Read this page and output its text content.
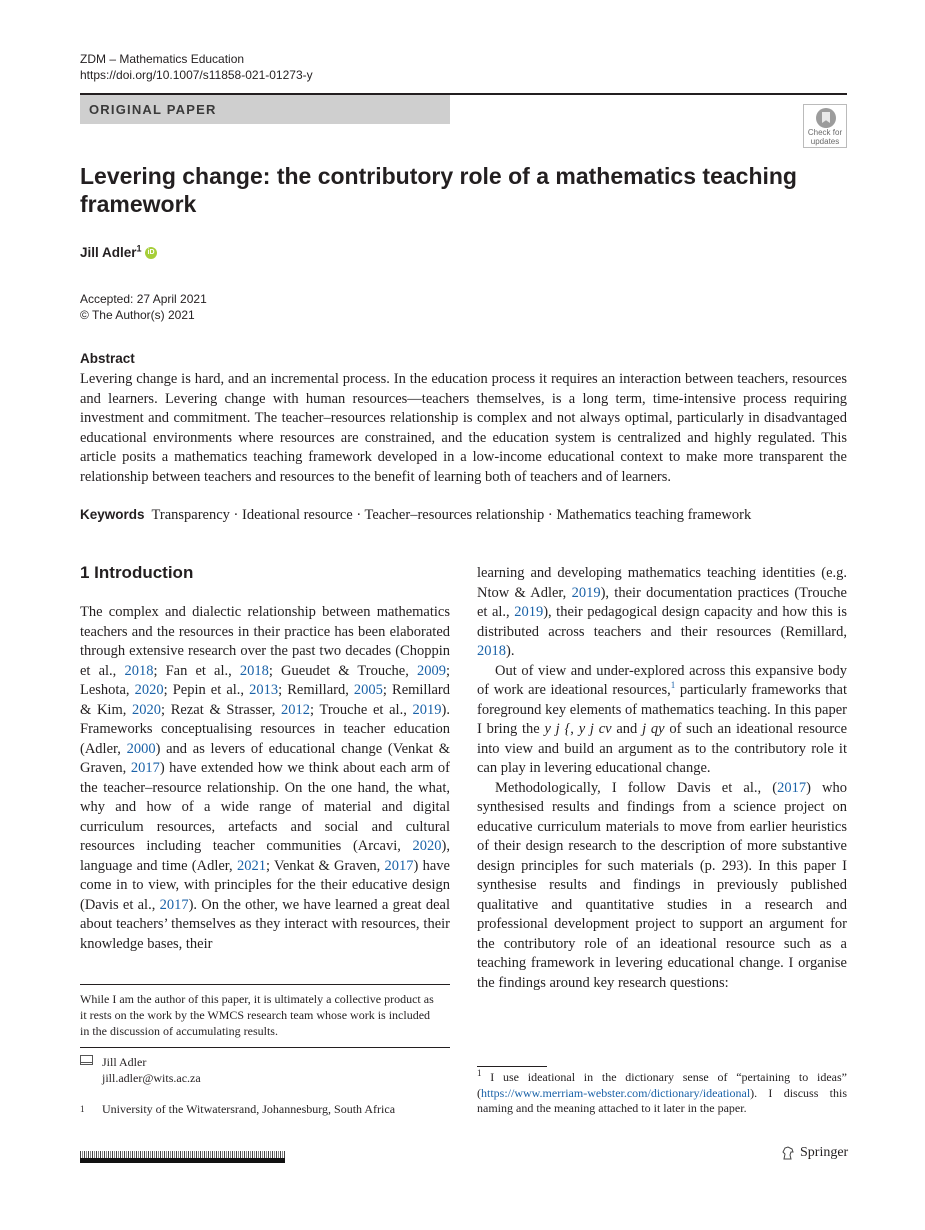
ZDM – Mathematics Education
https://doi.org/10.1007/s11858-021-01273-y
ORIGINAL PAPER
Check for
updates
Levering change: the contributory role of a mathematics teaching framework
Jill Adler$^1$ iD
Accepted: 27 April 2021
© The Author(s) 2021
Abstract
Levering change is hard, and an incremental process. In the education process it requires an interaction between teachers, resources and learners. Levering change with human resources—teachers themselves, is a long term, time-intensive process requiring investment and commitment. The teacher–resources relationship is complex and not always optimal, particularly in disadvantaged educational environments where resources are constrained, and the education system is centralized and highly regulated. This article posits a mathematics teaching framework developed in a low-income educational context to make more transparent the relationship between teachers and resources to the benefit of learning both of teachers and of learners.
Keywords Transparency · Ideational resource · Teacher–resources relationship · Mathematics teaching framework
1 Introduction
The complex and dialectic relationship between mathematics teachers and the resources in their practice has been elaborated through extensive research over the past two decades (Choppin et al., 2018; Fan et al., 2018; Gueudet & Trouche, 2009; Leshota, 2020; Pepin et al., 2013; Remillard, 2005; Remillard & Kim, 2020; Rezat & Strasser, 2012; Trouche et al., 2019). Frameworks conceptualising resources in teacher education (Adler, 2000) and as levers of educational change (Venkat & Graven, 2017) have extended how we think about each arm of the teacher–resource relationship. On the one hand, the what, why and how of a wide range of material and digital curriculum resources, artefacts and social and cultural resources including teacher communities (Arcavi, 2020), language and time (Adler, 2021; Venkat & Graven, 2017) have come in to view, with principles for the their educative design (Davis et al., 2017). On the other, we have learned a great deal about teachers’ themselves as they interact with resources, their knowledge bases, their

learning and developing mathematics teaching identities (e.g. Ntow & Adler, 2019), their documentation practices (Trouche et al., 2019), their pedagogical design capacity and how this is distributed across teachers and their resources (Remillard, 2018).

Out of view and under-explored across this expansive body of work are ideational resources,$^1$ particularly frameworks that foreground key elements of mathematics teaching. In this paper I bring the y j {, y j cv and j qy of such an ideational resource into view and build an argument as to the contributory role it can play in levering educational change.

Methodologically, I follow Davis et al., (2017) who synthesised results and findings from a science project on educative curriculum materials to move from earlier heuristics of their design research to the description of more substantive design principles for such materials (p. 293). In this paper I synthesise results and findings in previously published qualitative and quantitative studies in a research and professional development project to support an argument for the contributory role of an ideational resource such as a teaching framework in levering educational change. I organise the findings around key research questions:

While I am the author of this paper, it is ultimately a collective product as it rests on the work by the WMCS research team whose work is included in the discussion of accumulating results.
Jill Adler
jill.adler@wits.ac.za
1 University of the Witwatersrand, Johannesburg, South Africa
$^1$ I use ideational in the dictionary sense of “pertaining to ideas” (https://www.merriam-webster.com/dictionary/ideational). I discuss this naming and the meaning attached to it later in the paper.
Springer
